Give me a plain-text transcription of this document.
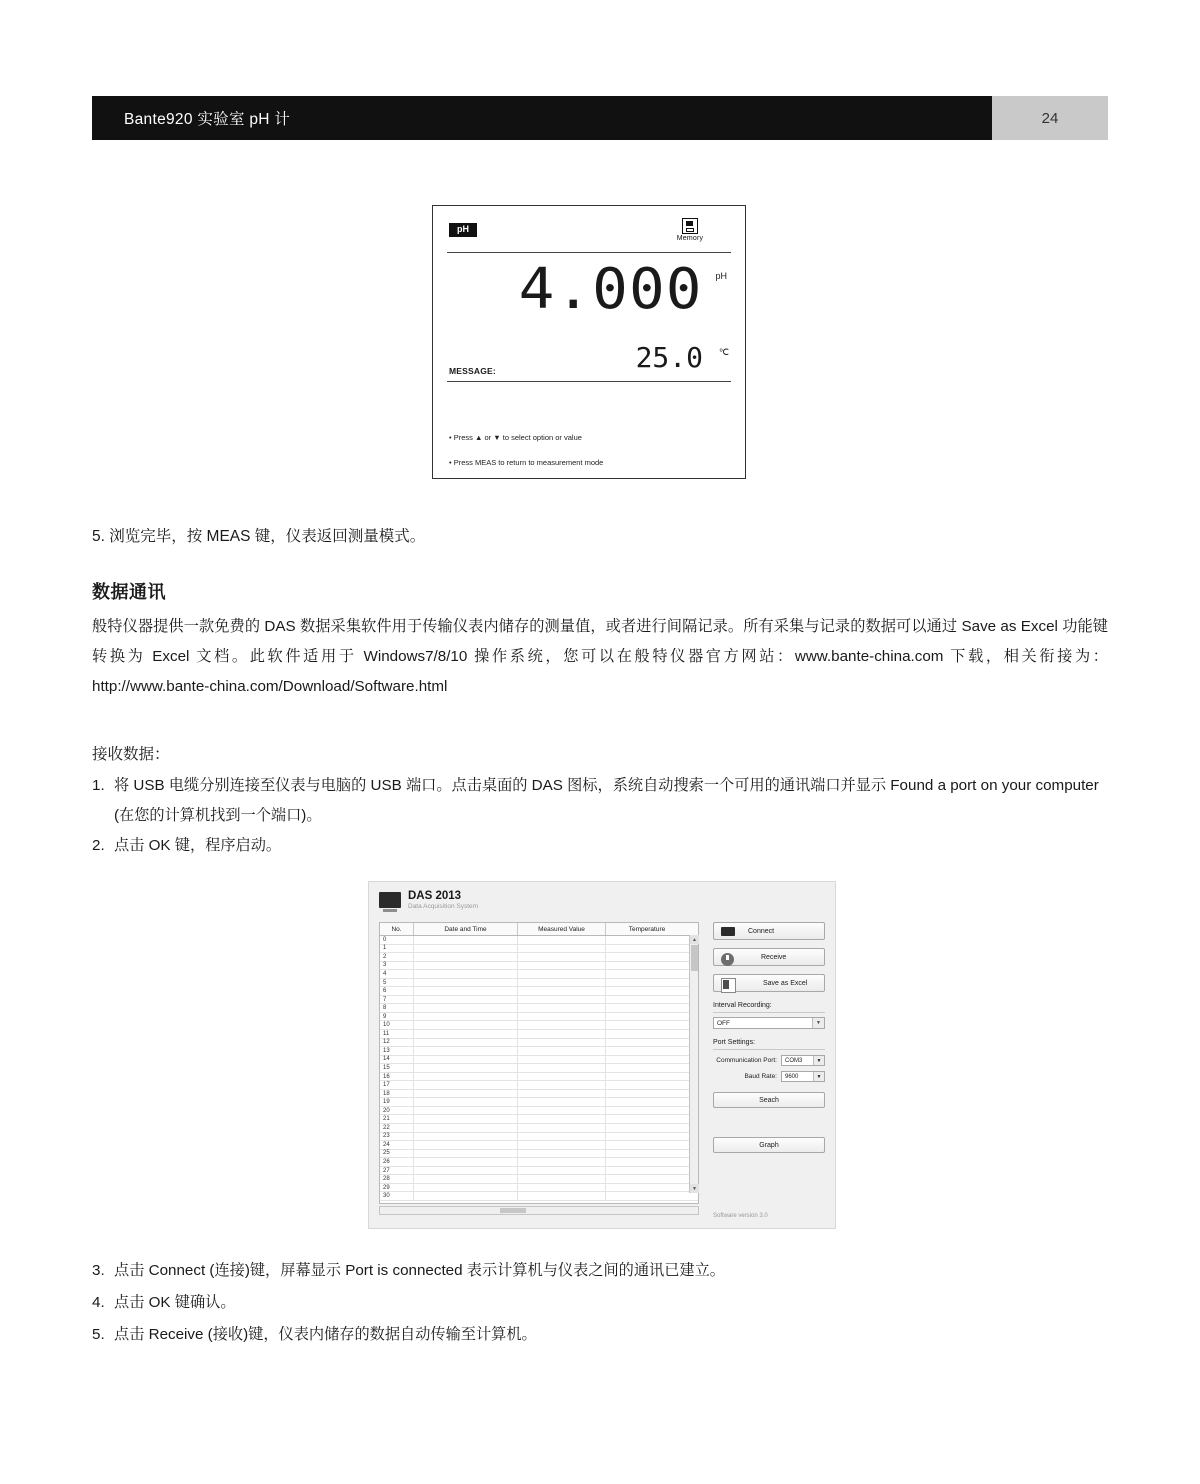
Bante920 实验室 pH 计	24
pH
Memory
4.000 pH
25.0 ℃
MESSAGE:
• Press ▲ or ▼ to select option or value
• Press MEAS to return to measurement mode
5. 浏览完毕，按 MEAS 键，仪表返回测量模式。
数据通讯
般特仪器提供一款免费的 DAS 数据采集软件用于传输仪表内储存的测量值，或者进行间隔记录。所有采集与记录的数据可以通过 Save as Excel 功能键转换为 Excel 文档。此软件适用于 Windows7/8/10 操作系统，您可以在般特仪器官方网站：www.bante-china.com 下载，相关衔接为：http://www.bante-china.com/Download/Software.html
接收数据：
1. 将 USB 电缆分别连接至仪表与电脑的 USB 端口。点击桌面的 DAS 图标，系统自动搜索一个可用的通讯端口并显示 Found a port on your computer (在您的计算机找到一个端口)。
2. 点击 OK 键，程序启动。
DAS 2013
Data Acquisition System
No.	Date and Time	Measured Value	Temperature
0
1
2
3
4
5
6
7
8
9
10
11
12
13
14
15
16
17
18
19
20
21
22
23
24
25
26
27
28
29
30
▲
▼
Connect
Receive
Save as Excel
Interval Recording:
OFF	▼
Port Settings:
Communication Port: COM3	▼
Baud Rate: 9600	▼
Seach
Graph
Software version 3.0
3. 点击 Connect (连接)键，屏幕显示 Port is connected 表示计算机与仪表之间的通讯已建立。
4. 点击 OK 键确认。
5. 点击 Receive (接收)键，仪表内储存的数据自动传输至计算机。
